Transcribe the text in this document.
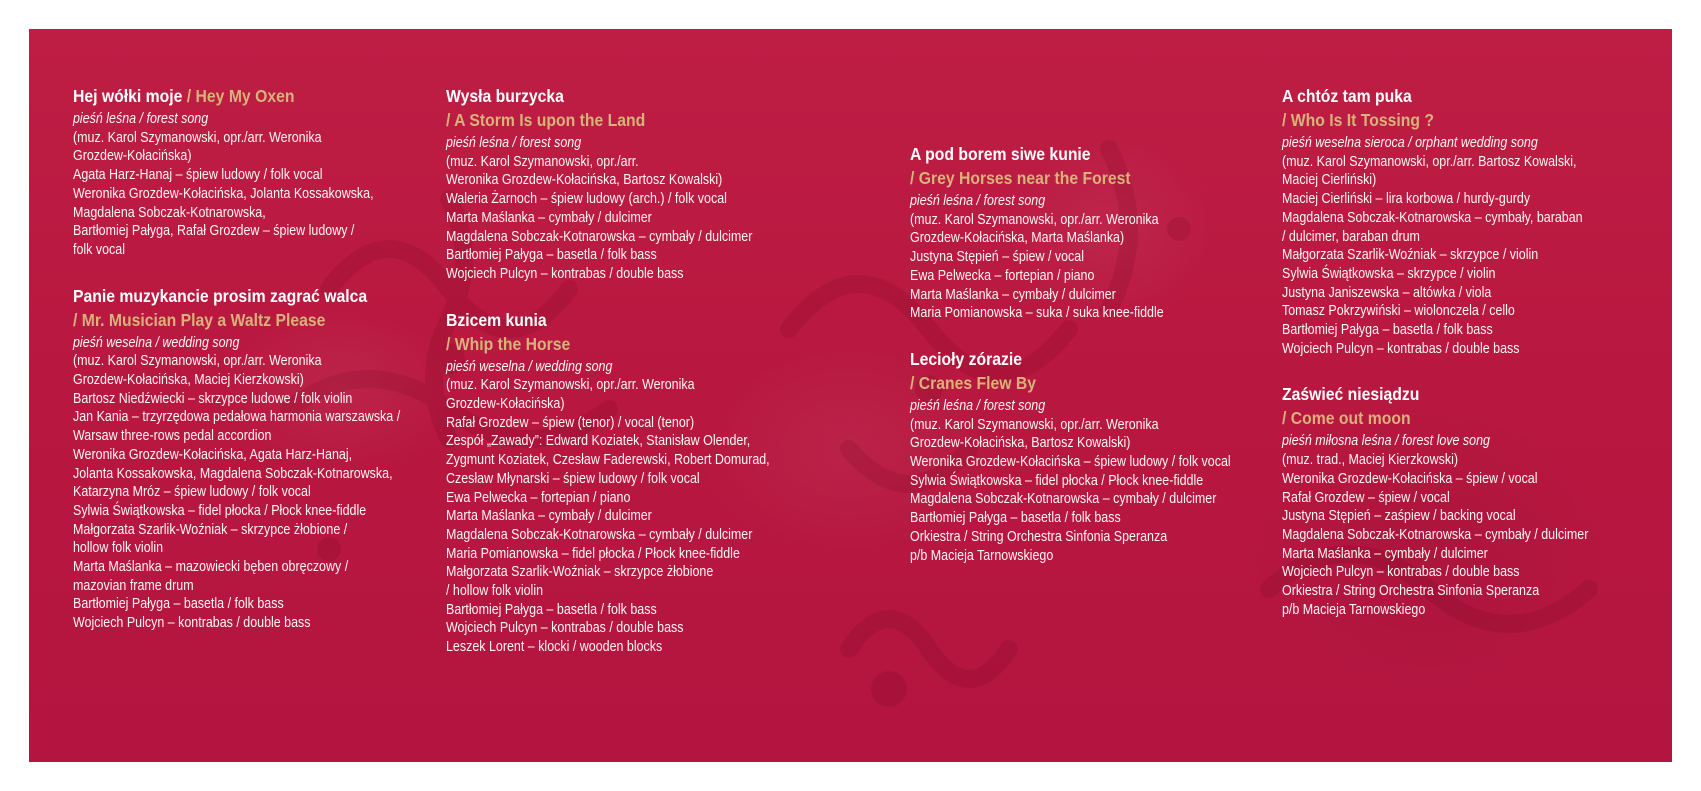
Hej wółki moje / Hey My Oxen
pieśń leśna / forest song
(muz. Karol Szymanowski, opr./arr. Weronika
Grozdew-Kołacińska)
Agata Harz-Hanaj – śpiew ludowy / folk vocal
Weronika Grozdew-Kołacińska, Jolanta Kossakowska,
Magdalena Sobczak-Kotnarowska,
Bartłomiej Pałyga, Rafał Grozdew – śpiew ludowy /
folk vocal
Panie muzykancie prosim zagrać walca
/ Mr. Musician Play a Waltz Please
pieśń weselna / wedding song
(muz. Karol Szymanowski, opr./arr. Weronika
Grozdew-Kołacińska, Maciej Kierzkowski)
Bartosz Niedźwiecki – skrzypce ludowe / folk violin
Jan Kania – trzyrzędowa pedałowa harmonia warszawska /
Warsaw three-rows pedal accordion
Weronika Grozdew-Kołacińska, Agata Harz-Hanaj,
Jolanta Kossakowska, Magdalena Sobczak-Kotnarowska,
Katarzyna Mróz – śpiew ludowy / folk vocal
Sylwia Świątkowska – fidel płocka / Płock knee-fiddle
Małgorzata Szarlik-Woźniak – skrzypce żłobione /
hollow folk violin
Marta Maślanka – mazowiecki bęben obręczowy /
mazovian frame drum
Bartłomiej Pałyga – basetla / folk bass
Wojciech Pulcyn – kontrabas / double bass
Wysła burzycka
/ A Storm Is upon the Land
pieśń leśna / forest song
(muz. Karol Szymanowski, opr./arr.
Weronika Grozdew-Kołacińska, Bartosz Kowalski)
Waleria Żarnoch – śpiew ludowy (arch.) / folk vocal
Marta Maślanka – cymbały / dulcimer
Magdalena Sobczak-Kotnarowska – cymbały / dulcimer
Bartłomiej Pałyga – basetla / folk bass
Wojciech Pulcyn – kontrabas / double bass
Bzicem kunia
/ Whip the Horse
pieśń weselna / wedding song
(muz. Karol Szymanowski, opr./arr. Weronika
Grozdew-Kołacińska)
Rafał Grozdew – śpiew (tenor) / vocal (tenor)
Zespół „Zawady”: Edward Koziatek, Stanisław Olender,
Zygmunt Koziatek, Czesław Faderewski, Robert Domurad,
Czesław Młynarski – śpiew ludowy / folk vocal
Ewa Pelwecka – fortepian / piano
Marta Maślanka – cymbały / dulcimer
Magdalena Sobczak-Kotnarowska – cymbały / dulcimer
Maria Pomianowska – fidel płocka / Płock knee-fiddle
Małgorzata Szarlik-Woźniak – skrzypce żłobione
/ hollow folk violin
Bartłomiej Pałyga – basetla / folk bass
Wojciech Pulcyn – kontrabas / double bass
Leszek Lorent – klocki / wooden blocks
A pod borem siwe kunie
/ Grey Horses near the Forest
pieśń leśna / forest song
(muz. Karol Szymanowski, opr./arr. Weronika
Grozdew-Kołacińska, Marta Maślanka)
Justyna Stępień – śpiew / vocal
Ewa Pelwecka – fortepian / piano
Marta Maślanka – cymbały / dulcimer
Maria Pomianowska – suka / suka knee-fiddle
Lecioły zórazie
/ Cranes Flew By
pieśń leśna / forest song
(muz. Karol Szymanowski, opr./arr. Weronika
Grozdew-Kołacińska, Bartosz Kowalski)
Weronika Grozdew-Kołacińska – śpiew ludowy / folk vocal
Sylwia Świątkowska – fidel płocka / Płock knee-fiddle
Magdalena Sobczak-Kotnarowska – cymbały / dulcimer
Bartłomiej Pałyga – basetla / folk bass
Orkiestra / String Orchestra Sinfonia Speranza
p/b Macieja Tarnowskiego
A chtóz tam puka
/ Who Is It Tossing ?
pieśń weselna sieroca / orphant wedding song
(muz. Karol Szymanowski, opr./arr. Bartosz Kowalski,
Maciej Cierliński)
Maciej Cierliński – lira korbowa / hurdy-gurdy
Magdalena Sobczak-Kotnarowska – cymbały, baraban
/ dulcimer, baraban drum
Małgorzata Szarlik-Woźniak – skrzypce / violin
Sylwia Świątkowska – skrzypce / violin
Justyna Janiszewska – altówka / viola
Tomasz Pokrzywiński – wiolonczela / cello
Bartłomiej Pałyga – basetla / folk bass
Wojciech Pulcyn – kontrabas / double bass
Zaświeć niesiądzu
/ Come out moon
pieśń miłosna leśna / forest love song
(muz. trad., Maciej Kierzkowski)
Weronika Grozdew-Kołacińska – śpiew / vocal
Rafał Grozdew – śpiew / vocal
Justyna Stępień – zaśpiew / backing vocal
Magdalena Sobczak-Kotnarowska – cymbały / dulcimer
Marta Maślanka – cymbały / dulcimer
Wojciech Pulcyn – kontrabas / double bass
Orkiestra / String Orchestra Sinfonia Speranza
p/b Macieja Tarnowskiego
